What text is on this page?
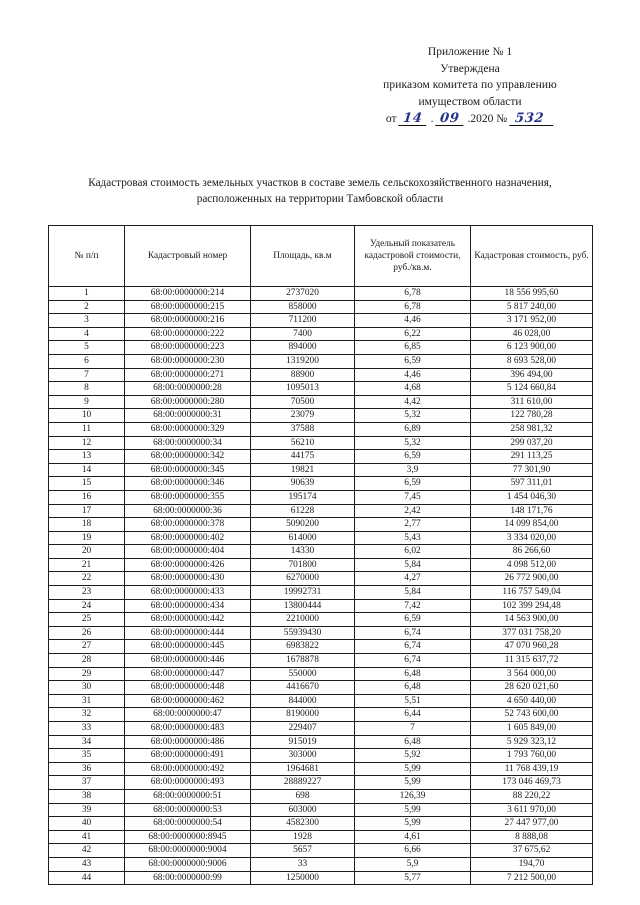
Приложение № 1
Утверждена
приказом комитета по управлению
имуществом области
от 14 . 09 .2020 № 532
Кадастровая стоимость земельных участков в составе земель сельскохозяйственного назначения,
расположенных на территории Тамбовской области
№ п/п	Кадастровый номер	Площадь, кв.м	Удельный показатель кадастровой стоимости, руб./кв.м.	Кадастровая стоимость, руб.
1	68:00:0000000:214	2737020	6,78	18 556 995,60
2	68:00:0000000:215	858000	6,78	5 817 240,00
3	68:00:0000000:216	711200	4,46	3 171 952,00
4	68:00:0000000:222	7400	6,22	46 028,00
5	68:00:0000000:223	894000	6,85	6 123 900,00
6	68:00:0000000:230	1319200	6,59	8 693 528,00
7	68:00:0000000:271	88900	4,46	396 494,00
8	68:00:0000000:28	1095013	4,68	5 124 660,84
9	68:00:0000000:280	70500	4,42	311 610,00
10	68:00:0000000:31	23079	5,32	122 780,28
11	68:00:0000000:329	37588	6,89	258 981,32
12	68:00:0000000:34	56210	5,32	299 037,20
13	68:00:0000000:342	44175	6,59	291 113,25
14	68:00:0000000:345	19821	3,9	77 301,90
15	68:00:0000000:346	90639	6,59	597 311,01
16	68:00:0000000:355	195174	7,45	1 454 046,30
17	68:00:0000000:36	61228	2,42	148 171,76
18	68:00:0000000:378	5090200	2,77	14 099 854,00
19	68:00:0000000:402	614000	5,43	3 334 020,00
20	68:00:0000000:404	14330	6,02	86 266,60
21	68:00:0000000:426	701800	5,84	4 098 512,00
22	68:00:0000000:430	6270000	4,27	26 772 900,00
23	68:00:0000000:433	19992731	5,84	116 757 549,04
24	68:00:0000000:434	13800444	7,42	102 399 294,48
25	68:00:0000000:442	2210000	6,59	14 563 900,00
26	68:00:0000000:444	55939430	6,74	377 031 758,20
27	68:00:0000000:445	6983822	6,74	47 070 960,28
28	68:00:0000000:446	1678878	6,74	11 315 637,72
29	68:00:0000000:447	550000	6,48	3 564 000,00
30	68:00:0000000:448	4416670	6,48	28 620 021,60
31	68:00:0000000:462	844000	5,51	4 650 440,00
32	68:00:0000000:47	8190000	6,44	52 743 600,00
33	68:00:0000000:483	229407	7	1 605 849,00
34	68:00:0000000:486	915019	6,48	5 929 323,12
35	68:00:0000000:491	303000	5,92	1 793 760,00
36	68:00:0000000:492	1964681	5,99	11 768 439,19
37	68:00:0000000:493	28889227	5,99	173 046 469,73
38	68:00:0000000:51	698	126,39	88 220,22
39	68:00:0000000:53	603000	5,99	3 611 970,00
40	68:00:0000000:54	4582300	5,99	27 447 977,00
41	68:00:0000000:8945	1928	4,61	8 888,08
42	68:00:0000000:9004	5657	6,66	37 675,62
43	68:00:0000000:9006	33	5,9	194,70
44	68:00:0000000:99	1250000	5,77	7 212 500,00
